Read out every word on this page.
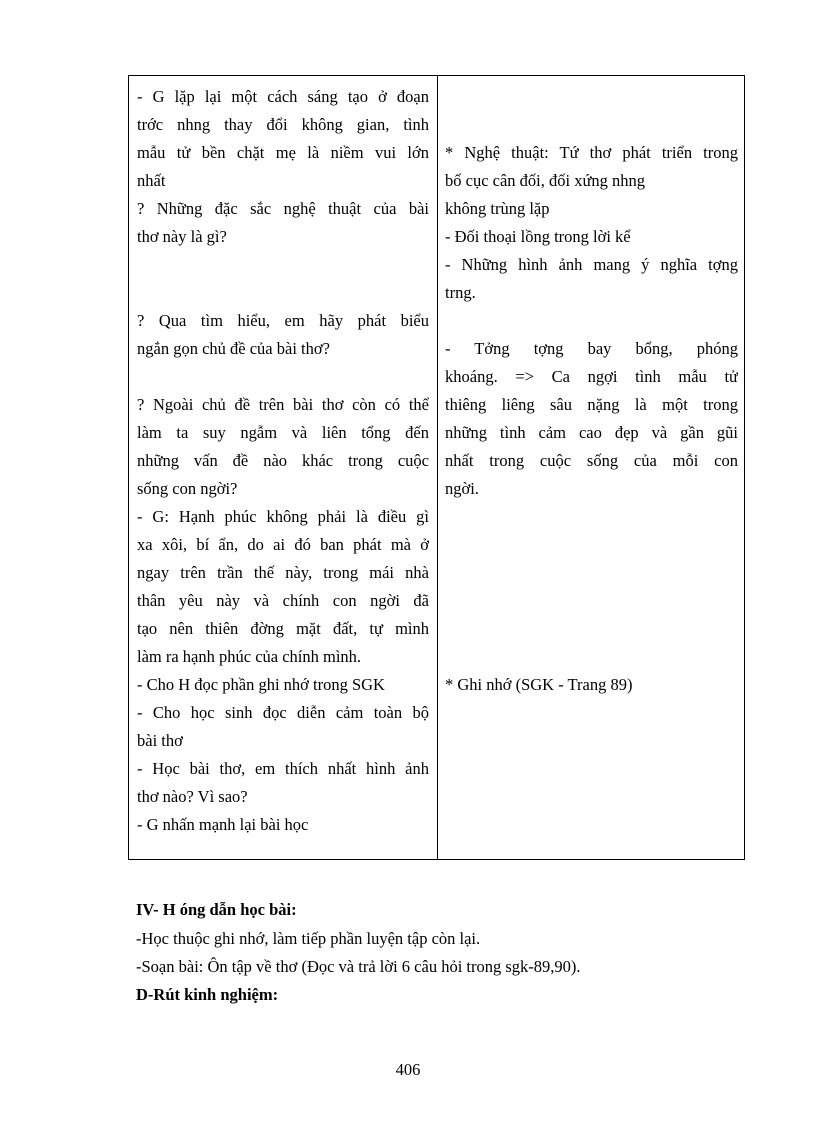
- G lặp lại một cách sáng tạo ở đoạn
trớc nhng thay đổi không gian, tình
mẫu tử bền chặt mẹ là niềm vui lớn
nhất
? Những đặc sắc nghệ thuật của bài
thơ này là gì?
? Qua tìm hiểu, em hãy phát biểu
ngắn gọn chủ đề của bài thơ?
? Ngoài chủ đề trên bài thơ còn có thể
làm ta suy ngẫm và liên tổng đến
những vấn đề nào khác trong cuộc
sống con ngời?
- G: Hạnh phúc không phải là điều gì
xa xôi, bí ẩn, do ai đó ban phát mà ở
ngay trên trần thế này, trong mái nhà
thân yêu này và chính con ngời đã
tạo nên thiên đờng mặt đất, tự mình
làm ra hạnh phúc của chính mình.
- Cho H đọc phần ghi nhớ trong SGK
- Cho học sinh đọc diễn cảm toàn bộ
bài thơ
- Học bài thơ, em thích nhất hình ảnh
thơ nào? Vì sao?
- G nhấn mạnh lại bài học
* Nghệ thuật: Tứ thơ phát triển trong
bố cục cân đối, đối xứng nhng
không trùng lặp
- Đối thoại lồng trong lời kể
- Những hình ảnh mang ý nghĩa tợng
trng.
- Tởng tợng bay bổng, phóng
khoáng. => Ca ngợi tình mẫu tử
thiêng liêng sâu nặng là một trong
những tình cảm cao đẹp và gần gũi
nhất trong cuộc sống của mỗi con
ngời.
* Ghi nhớ (SGK - Trang 89)
IV- H óng dẫn học bài:
-Học thuộc ghi nhớ, làm tiếp phần luyện tập còn lại.
-Soạn bài: Ôn tập về thơ (Đọc và trả lời 6 câu hỏi trong sgk-89,90).
D-Rút kinh nghiệm:
406
